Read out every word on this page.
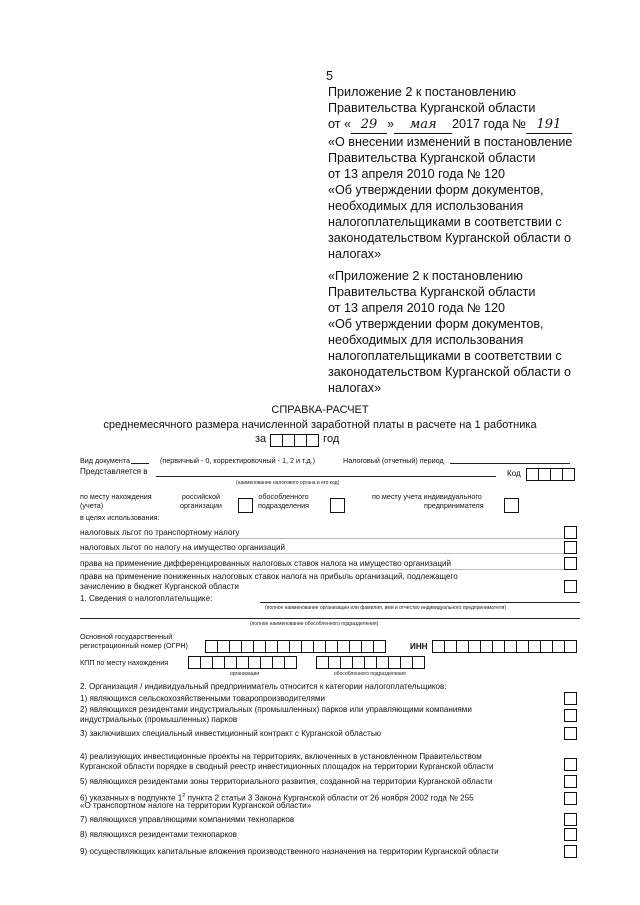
5
Приложение 2 к постановлению
Правительства Курганской области
от « 29 » мая 2017 года № 191
«О внесении изменений в постановление
Правительства Курганской области
от 13 апреля 2010 года № 120
«Об утверждении форм документов,
необходимых для использования
налогоплательщиками в соответствии с
законодательством Курганской области о
налогах»
«Приложение 2 к постановлению
Правительства Курганской области
от 13 апреля 2010 года № 120
«Об утверждении форм документов,
необходимых для использования
налогоплательщиками в соответствии с
законодательством Курганской области о
налогах»
СПРАВКА-РАСЧЕТ
среднемесячного размера начисленной заработной платы в расчете на 1 работника
за	год
Вид документа	(первичный - 0, корректировочный - 1, 2 и т.д.)	Налоговый (отчетный) период
Представляется в	Код
(наименование налогового органа и его код)
по месту нахождения
(учета)
российской
организации
обособленного
подразделения
по месту учета индивидуального
предпринимателя
в целях использования:
налоговых льгот по транспортному налогу
налоговых льгот по налогу на имущество организаций
права на применение дифференцированных налоговых ставок налога на имущество организаций
права на применение пониженных налоговых ставок налога на прибыль организаций, подлежащего
зачислению в бюджет Курганской области
1. Сведения о налогоплательщике:
(полное наименование организации или фамилия, имя и отчество индивидуального предпринимателя)
(полное наименование обособленного подразделения)
Основной государственный
регистрационный номер (ОГРН)	ИНН
КПП по месту нахождения
организации	обособленного подразделения
2. Организация / индивидуальный предприниматель относится к категории налогоплательщиков:
1) являющихся сельскохозяйственными товаропроизводителями
2) являющихся резидентами индустриальных (промышленных) парков или управляющими компаниями
индустриальных (промышленных) парков
3) заключивших специальный инвестиционный контракт с Курганской областью
4) реализующих инвестиционные проекты на территориях, включенных в установленном Правительством
Курганской области порядке в сводный реестр инвестиционных площадок на территории Курганской области
5) являющихся резидентами зоны территориального развития, созданной на территории Курганской области
6) указанных в подпункте $1^2$ пункта 2 статьи 3 Закона Курганской области от 26 ноября 2002 года № 255
«О транспортном налоге на территории Курганской области»
7) являющихся управляющими компаниями технопарков
8) являющихся резидентами технопарков
9) осуществляющих капитальные вложения производственного назначения на территории Курганской области
